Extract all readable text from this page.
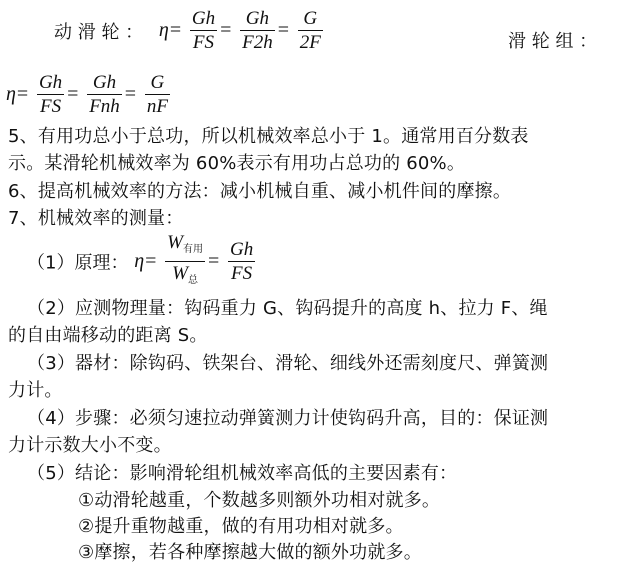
动 滑 轮 ： $\eta= \frac{Gh}{FS} = \frac{Gh}{F2h} = \frac{G}{2F}$	滑 轮 组 ：
$\eta= \frac{Gh}{FS} = \frac{Gh}{\text{Fnh}} = \frac{G}{nF}$
5、有用功总小于总功，所以机械效率总小于 1。通常用百分数表
示。某滑轮机械效率为 60%表示有用功占总功的 60%。
6、提高机械效率的方法：减小机械自重、减小机件间的摩擦。
7、机械效率的测量：
（1）原理： $\eta= \frac{W_{有用}}{W_总} = \frac{Gh}{FS}$
（2）应测物理量：钩码重力 G、钩码提升的高度 h、拉力 F、绳
的自由端移动的距离 S。
（3）器材：除钩码、铁架台、滑轮、细线外还需刻度尺、弹簧测
力计。
（4）步骤：必须匀速拉动弹簧测力计使钩码升高，目的：保证测
力计示数大小不变。
（5）结论：影响滑轮组机械效率高低的主要因素有：
①动滑轮越重，个数越多则额外功相对就多。
②提升重物越重，做的有用功相对就多。
③摩擦，若各种摩擦越大做的额外功就多。
